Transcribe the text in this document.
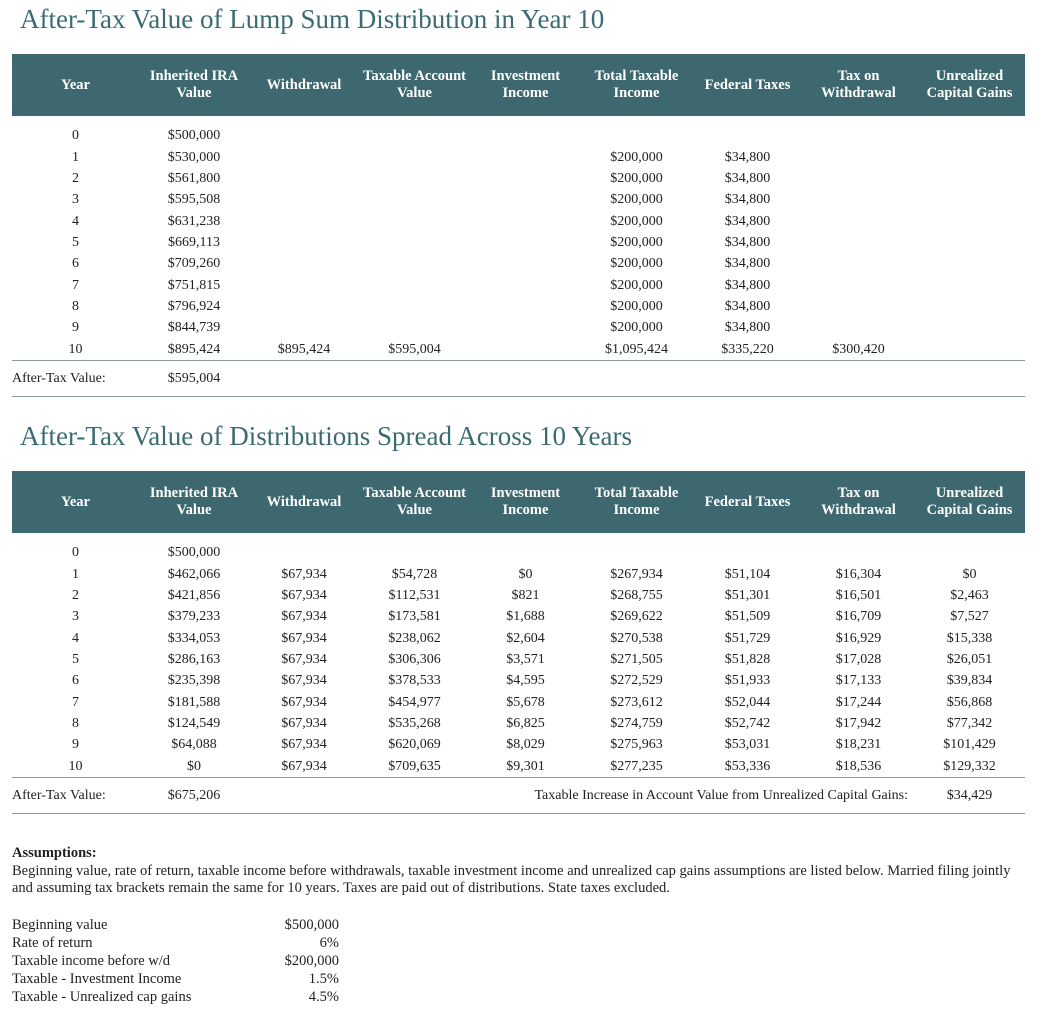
After-Tax Value of Lump Sum Distribution in Year 10
Year	Inherited IRA Value	Withdrawal	Taxable Account Value	Investment Income	Total Taxable Income	Federal Taxes	Tax on Withdrawal	Unrealized Capital Gains

0	$500,000							
1	$530,000				$200,000	$34,800		
2	$561,800				$200,000	$34,800		
3	$595,508				$200,000	$34,800		
4	$631,238				$200,000	$34,800		
5	$669,113				$200,000	$34,800		
6	$709,260				$200,000	$34,800		
7	$751,815				$200,000	$34,800		
8	$796,924				$200,000	$34,800		
9	$844,739				$200,000	$34,800		
10	$895,424	$895,424	$595,004		$1,095,424	$335,220	$300,420	
After-Tax Value:	$595,004							
After-Tax Value of Distributions Spread Across 10 Years
Year	Inherited IRA Value	Withdrawal	Taxable Account Value	Investment Income	Total Taxable Income	Federal Taxes	Tax on Withdrawal	Unrealized Capital Gains

0	$500,000							
1	$462,066	$67,934	$54,728	$0	$267,934	$51,104	$16,304	$0
2	$421,856	$67,934	$112,531	$821	$268,755	$51,301	$16,501	$2,463
3	$379,233	$67,934	$173,581	$1,688	$269,622	$51,509	$16,709	$7,527
4	$334,053	$67,934	$238,062	$2,604	$270,538	$51,729	$16,929	$15,338
5	$286,163	$67,934	$306,306	$3,571	$271,505	$51,828	$17,028	$26,051
6	$235,398	$67,934	$378,533	$4,595	$272,529	$51,933	$17,133	$39,834
7	$181,588	$67,934	$454,977	$5,678	$273,612	$52,044	$17,244	$56,868
8	$124,549	$67,934	$535,268	$6,825	$274,759	$52,742	$17,942	$77,342
9	$64,088	$67,934	$620,069	$8,029	$275,963	$53,031	$18,231	$101,429
10	$0	$67,934	$709,635	$9,301	$277,235	$53,336	$18,536	$129,332
After-Tax Value:	$675,206			Taxable Increase in Account Value from Unrealized Capital Gains:				$34,429
Assumptions:
Beginning value, rate of return, taxable income before withdrawals, taxable investment income and unrealized cap gains assumptions are listed below. Married filing jointly and assuming tax brackets remain the same for 10 years. Taxes are paid out of distributions. State taxes excluded.
Beginning value	$500,000
Rate of return	6%
Taxable income before w/d	$200,000
Taxable - Investment Income	1.5%
Taxable - Unrealized cap gains	4.5%
